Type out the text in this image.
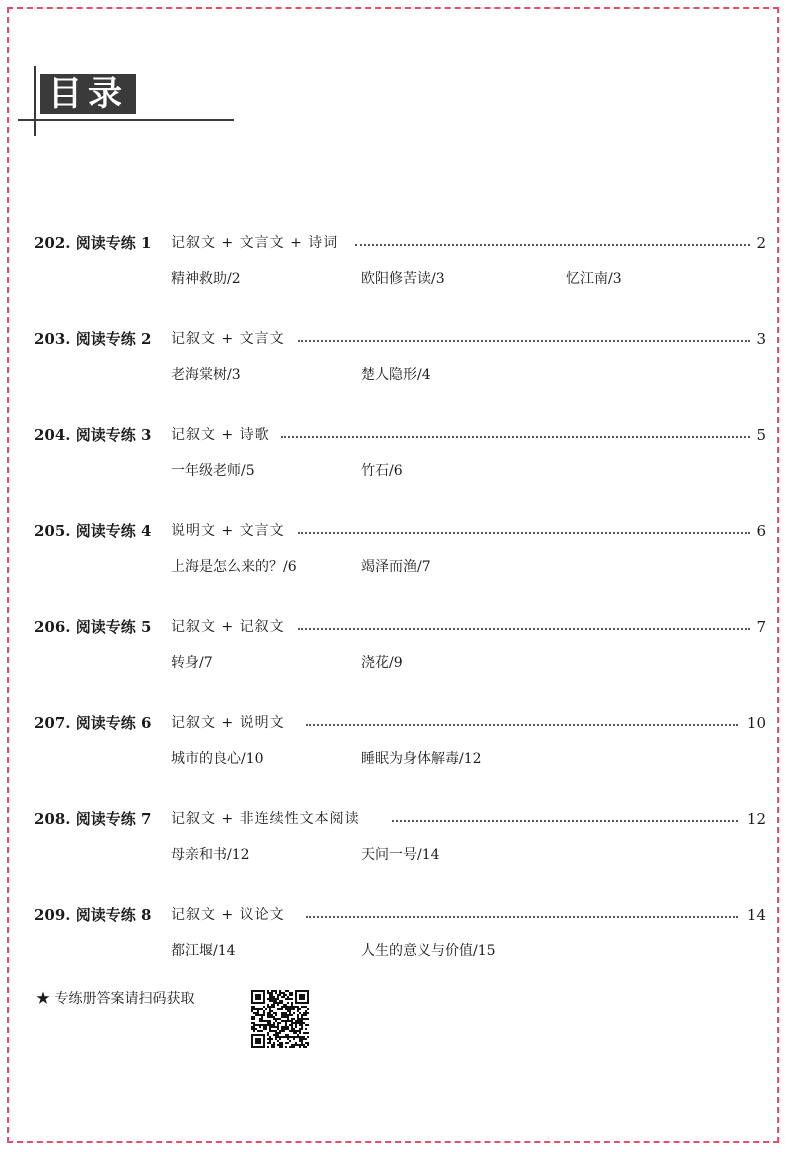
目录
202. 阅读专练 1 记叙文 + 文言文 + 诗词	2
精神救助/2	欧阳修苦读/3	忆江南/3
203. 阅读专练 2 记叙文 + 文言文	3
老海棠树/3	楚人隐形/4
204. 阅读专练 3 记叙文 + 诗歌	5
一年级老师/5	竹石/6
205. 阅读专练 4 说明文 + 文言文	6
上海是怎么来的？/6	竭泽而渔/7
206. 阅读专练 5 记叙文 + 记叙文	7
转身/7	浇花/9
207. 阅读专练 6 记叙文 + 说明文	10
城市的良心/10	睡眠为身体解毒/12
208. 阅读专练 7 记叙文 + 非连续性文本阅读	12
母亲和书/12	天问一号/14
209. 阅读专练 8 记叙文 + 议论文	14
都江堰/14	人生的意义与价值/15
★ 专练册答案请扫码获取
